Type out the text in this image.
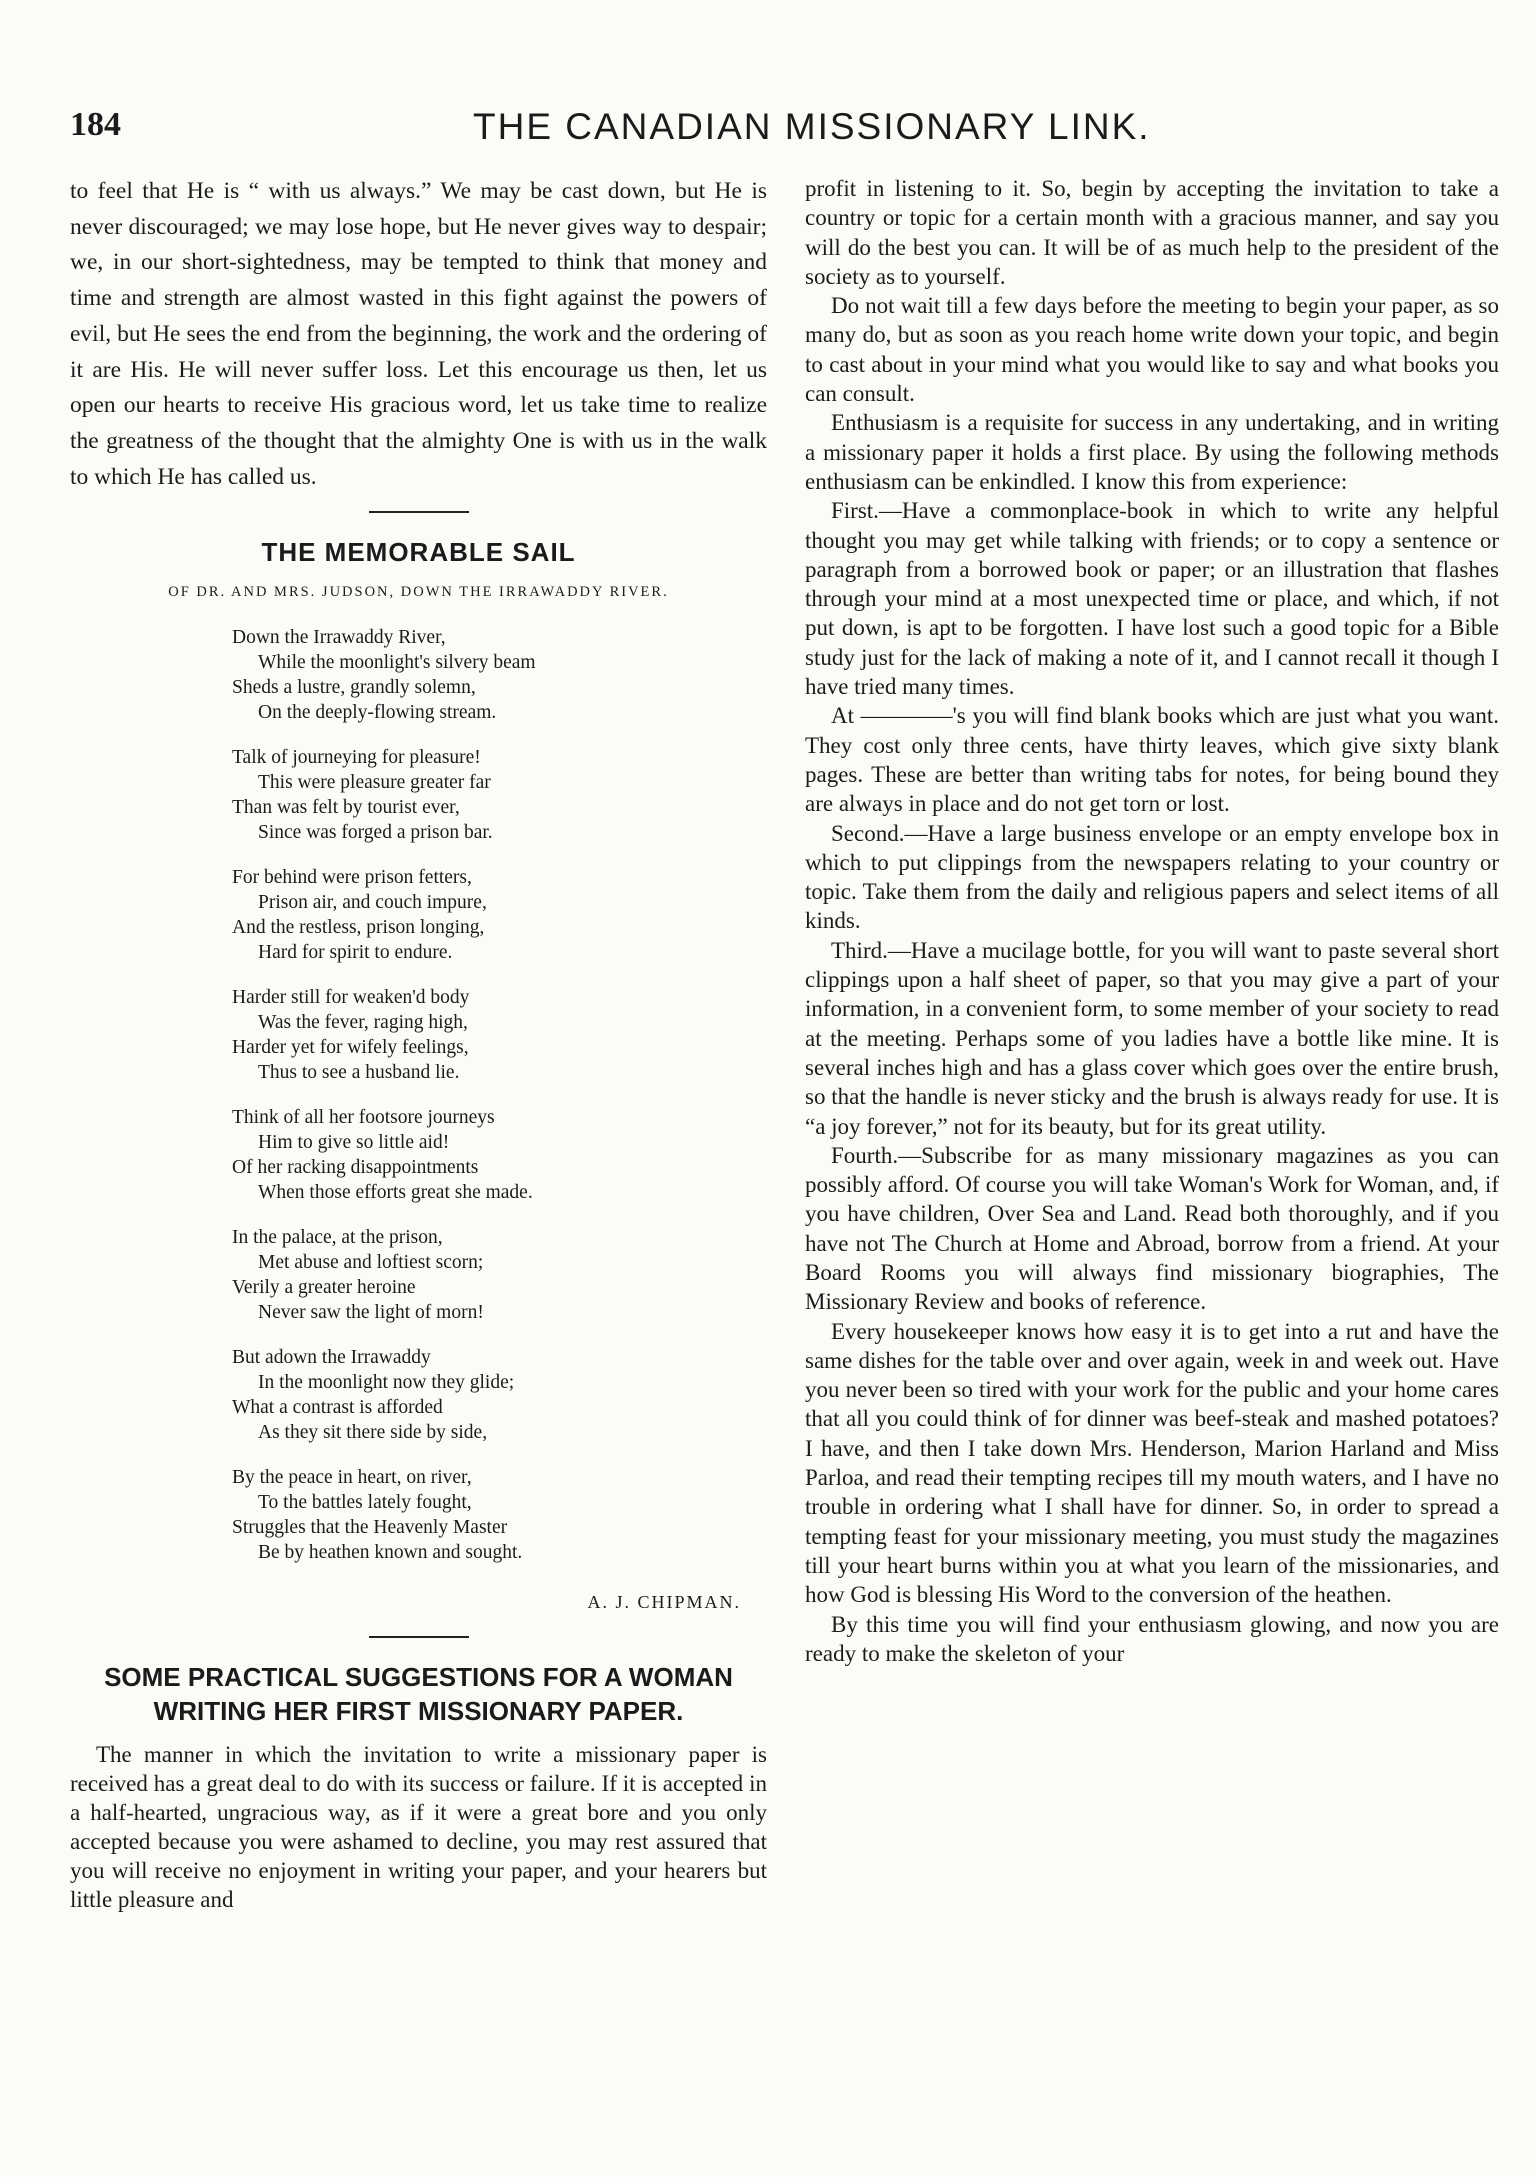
184	THE CANADIAN MISSIONARY LINK.

to feel that He is “ with us always.” We may be cast down, but He is never discouraged; we may lose hope, but He never gives way to despair; we, in our short-sightedness, may be tempted to think that money and time and strength are almost wasted in this fight against the powers of evil, but He sees the end from the beginning, the work and the ordering of it are His. He will never suffer loss. Let this encourage us then, let us open our hearts to receive His gracious word, let us take time to realize the greatness of the thought that the almighty One is with us in the walk to which He has called us.

THE MEMORABLE SAIL
OF DR. AND MRS. JUDSON, DOWN THE IRRAWADDY RIVER.
Down the Irrawaddy River,
While the moonlight's silvery beam
Sheds a lustre, grandly solemn,
On the deeply-flowing stream.
Talk of journeying for pleasure!
This were pleasure greater far
Than was felt by tourist ever,
Since was forged a prison bar.
For behind were prison fetters,
Prison air, and couch impure,
And the restless, prison longing,
Hard for spirit to endure.
Harder still for weaken'd body
Was the fever, raging high,
Harder yet for wifely feelings,
Thus to see a husband lie.
Think of all her footsore journeys
Him to give so little aid!
Of her racking disappointments
When those efforts great she made.
In the palace, at the prison,
Met abuse and loftiest scorn;
Verily a greater heroine
Never saw the light of morn!
But adown the Irrawaddy
In the moonlight now they glide;
What a contrast is afforded
As they sit there side by side,
By the peace in heart, on river,
To the battles lately fought,
Struggles that the Heavenly Master
Be by heathen known and sought.
A. J. CHIPMAN.
SOME PRACTICAL SUGGESTIONS FOR A WOMAN
WRITING HER FIRST MISSIONARY PAPER.

The manner in which the invitation to write a missionary paper is received has a great deal to do with its success or failure. If it is accepted in a half-hearted, ungracious way, as if it were a great bore and you only accepted because you were ashamed to decline, you may rest assured that you will receive no enjoyment in writing your paper, and your hearers but little pleasure and

profit in listening to it. So, begin by accepting the invitation to take a country or topic for a certain month with a gracious manner, and say you will do the best you can. It will be of as much help to the president of the society as to yourself.

Do not wait till a few days before the meeting to begin your paper, as so many do, but as soon as you reach home write down your topic, and begin to cast about in your mind what you would like to say and what books you can consult.

Enthusiasm is a requisite for success in any undertaking, and in writing a missionary paper it holds a first place. By using the following methods enthusiasm can be enkindled. I know this from experience:

First.—Have a commonplace-book in which to write any helpful thought you may get while talking with friends; or to copy a sentence or paragraph from a borrowed book or paper; or an illustration that flashes through your mind at a most unexpected time or place, and which, if not put down, is apt to be forgotten. I have lost such a good topic for a Bible study just for the lack of making a note of it, and I cannot recall it though I have tried many times.

At ————'s you will find blank books which are just what you want. They cost only three cents, have thirty leaves, which give sixty blank pages. These are better than writing tabs for notes, for being bound they are always in place and do not get torn or lost.

Second.—Have a large business envelope or an empty envelope box in which to put clippings from the newspapers relating to your country or topic. Take them from the daily and religious papers and select items of all kinds.

Third.—Have a mucilage bottle, for you will want to paste several short clippings upon a half sheet of paper, so that you may give a part of your information, in a convenient form, to some member of your society to read at the meeting. Perhaps some of you ladies have a bottle like mine. It is several inches high and has a glass cover which goes over the entire brush, so that the handle is never sticky and the brush is always ready for use. It is “a joy forever,” not for its beauty, but for its great utility.

Fourth.—Subscribe for as many missionary magazines as you can possibly afford. Of course you will take Woman's Work for Woman, and, if you have children, Over Sea and Land. Read both thoroughly, and if you have not The Church at Home and Abroad, borrow from a friend. At your Board Rooms you will always find missionary biographies, The Missionary Review and books of reference.

Every housekeeper knows how easy it is to get into a rut and have the same dishes for the table over and over again, week in and week out. Have you never been so tired with your work for the public and your home cares that all you could think of for dinner was beef-steak and mashed potatoes? I have, and then I take down Mrs. Henderson, Marion Harland and Miss Parloa, and read their tempting recipes till my mouth waters, and I have no trouble in ordering what I shall have for dinner. So, in order to spread a tempting feast for your missionary meeting, you must study the magazines till your heart burns within you at what you learn of the missionaries, and how God is blessing His Word to the conversion of the heathen.

By this time you will find your enthusiasm glowing, and now you are ready to make the skeleton of your
